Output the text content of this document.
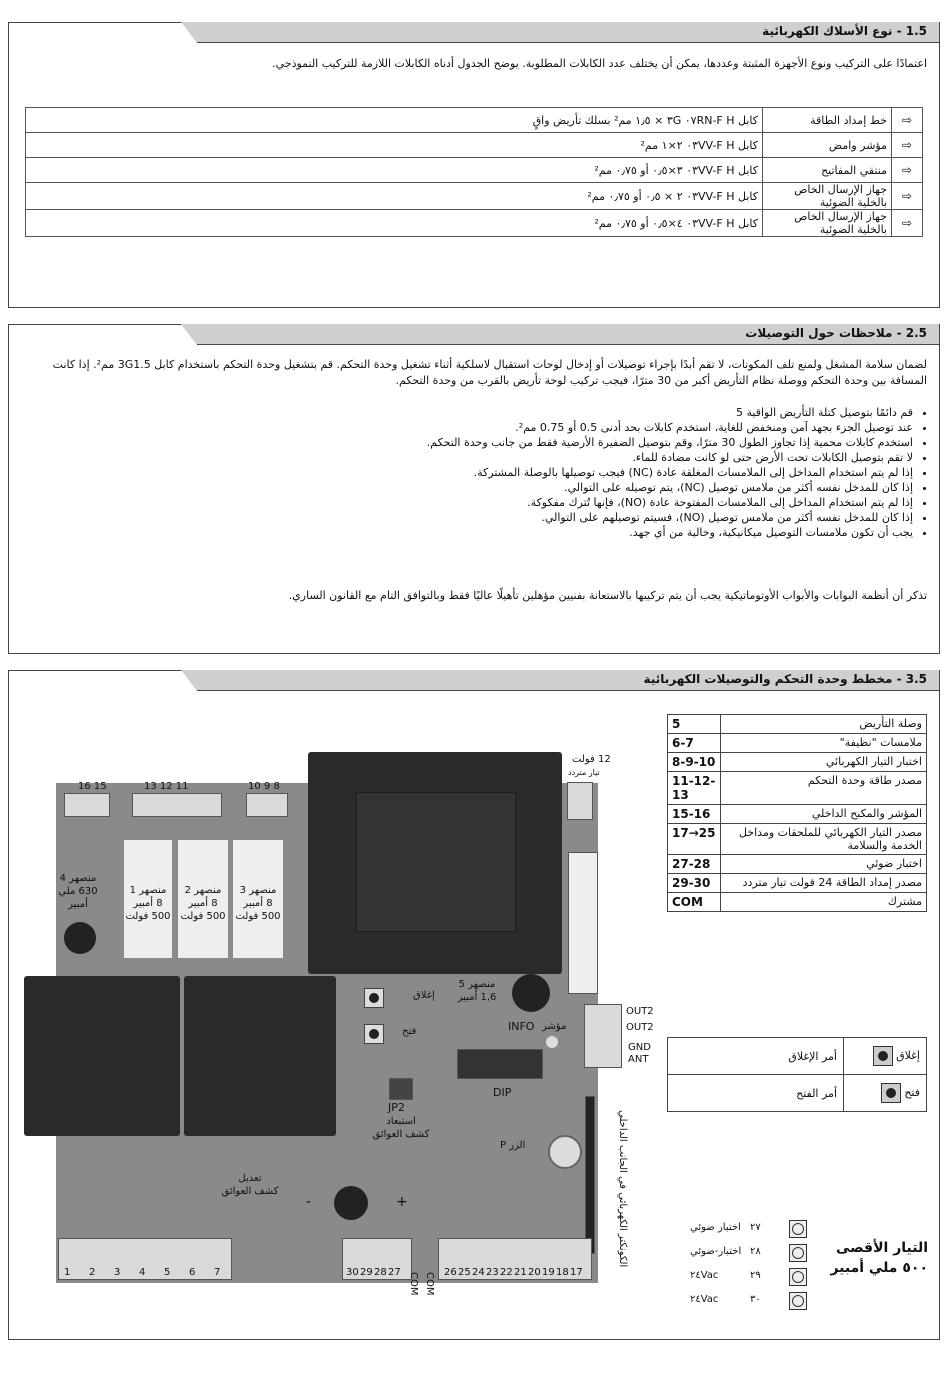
1.5 - نوع الأسلاك الكهربائية
اعتمادًا على التركيب ونوع الأجهزة المثبتة وعددها، يمكن أن يختلف عدد الكابلات المطلوبة. يوضح الجدول أدناه الكابلات اللازمة للتركيب النموذجي.
⇨	خط إمداد الطاقة	كابل H ٠٧RN-F ٣G × ١٫٥ مم² بسلك تأريض واقٍ
⇨	مؤشر وامض	كابل H ٠٣VV-F ٢×١ مم²
⇨	منتقي المفاتيح	كابل H ٠٣VV-F ٣×٠٫٥ أو ٠٫٧٥ مم²
⇨	جهاز الإرسال الخاص بالخلية الضوئية	كابل H ٠٣VV-F ٢ × ٠٫٥ أو ٠٫٧٥ مم²
⇨	جهاز الإرسال الخاص بالخلية الضوئية	كابل H ٠٣VV-F ٤×٠٫٥ أو ٠٫٧٥ مم²
2.5 - ملاحظات حول التوصيلات
لضمان سلامة المشغل ولمنع تلف المكونات، لا تقم أبدًا بإجراء توصيلات أو إدخال لوحات استقبال لاسلكية أثناء تشغيل وحدة التحكم. قم بتشغيل وحدة التحكم باستخدام كابل 3G1.5 مم². إذا كانت المسافة بين وحدة التحكم ووصلة نظام التأريض أكبر من 30 مترًا، فيجب تركيب لوحة تأريض بالقرب من وحدة التحكم.
• قم دائمًا بتوصيل كتلة التأريض الواقية 5
• عند توصيل الجزء بجهد آمن ومنخفض للغاية، استخدم كابلات بحد أدنى 0.5 أو 0.75 مم².
• استخدم كابلات محمية إذا تجاوز الطول 30 مترًا، وقم بتوصيل الضفيرة الأرضية فقط من جانب وحدة التحكم.
• لا تقم بتوصيل الكابلات تحت الأرض حتى لو كانت مضادة للماء.
• إذا لم يتم استخدام المداخل إلى الملامسات المغلقة عادة (NC) فيجب توصيلها بالوصلة المشتركة.
• إذا كان للمدخل نفسه أكثر من ملامس توصيل (NC)، يتم توصيله على التوالي.
• إذا لم يتم استخدام المداخل إلى الملامسات المفتوحة عادة (NO)، فإنها تُترك مفكوكة.
• إذا كان للمدخل نفسه أكثر من ملامس توصيل (NO)، فسيتم توصيلهم على التوالي.
• يجب أن تكون ملامسات التوصيل ميكانيكية، وخالية من أي جهد.
تذكر أن أنظمة البوابات والأبواب الأوتوماتيكية يجب أن يتم تركيبها بالاستعانة بفنيين مؤهلين تأهيلًا عاليًا فقط وبالتوافق التام مع القانون الساري.
3.5 - مخطط وحدة التحكم والتوصيلات الكهربائية
16 15	13 12 11	10 9 8
12 فولت
تيار متردد
منصهر 4
630 ملي
أمبير
منصهر 1
8 أمبير
500 فولت
منصهر 2
8 أمبير
500 فولت
منصهر 3
8 أمبير
500 فولت
منصهر 5
1,6 أمبير
إغلاق
فتح	INFO مؤشر
DIP
JP2
استبعاد
كشف العوائق
الزر P
تعديل
كشف العوائق
-	+
OUT2
OUT2
GND
ANT
الكونكتر الكهربائي في الجانب الداخلي
1 2 3 4 5 6 7	30 29 28 27 COM COM 26 25 24 23 22 21 20 19 18 17
وصلة التأريض	5
ملامسات "نظيفة"	6-7
اختبار التيار الكهربائي	8-9-10
مصدر طاقة وحدة التحكم	11-12-13
المؤشر والمكبح الداخلي	15-16
مصدر التيار الكهربائي للملحقات ومداخل الخدمة والسلامة	17→25
اختبار ضوئي	27-28
مصدر إمداد الطاقة 24 فولت تيار متردد	29-30
مشترك	COM
إغلاق	أمر الإغلاق
فتح	أمر الفتح
التيار الأقصى
٥٠٠ ملي أمبير
اختبار ضوئي ٢٧
اختبار-ضوئي ٢٨
٢٤Vac	٢٩
٢٤Vac	٣٠
